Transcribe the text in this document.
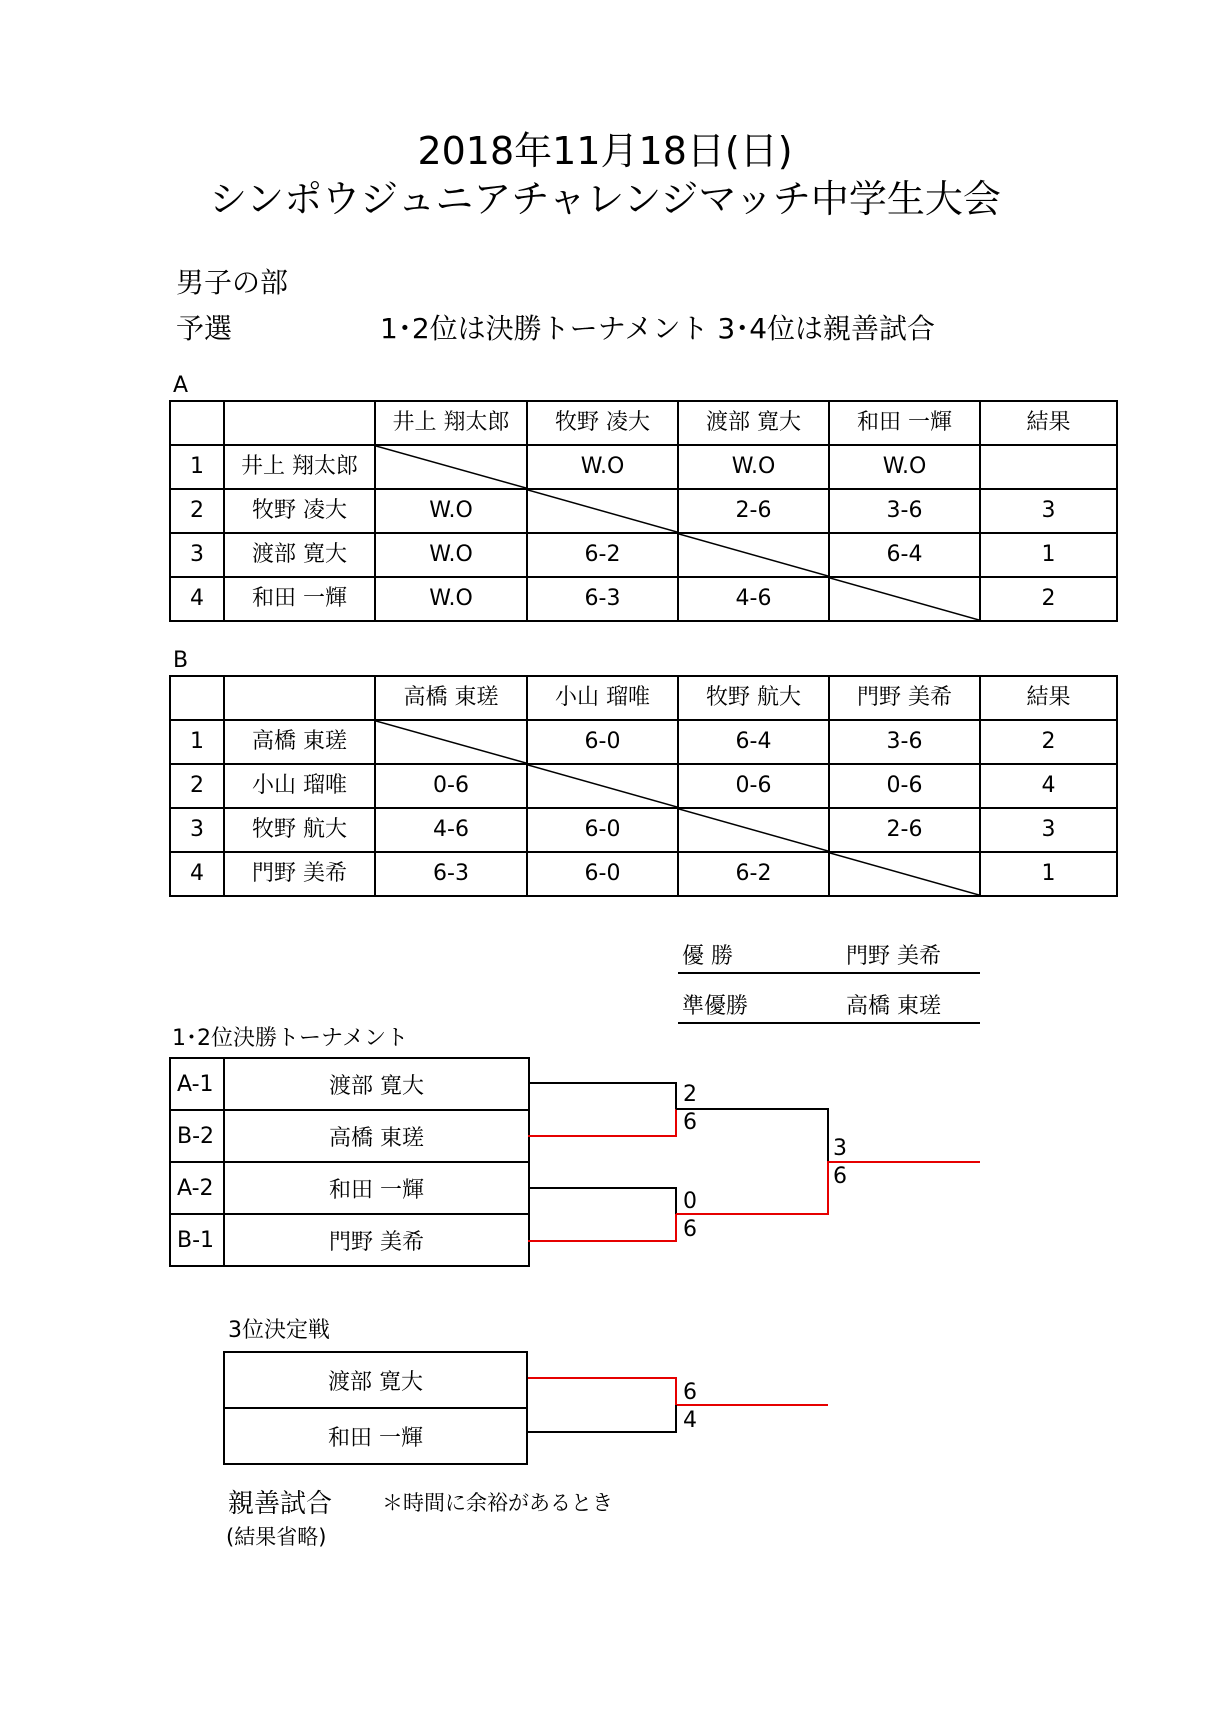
2018年11月18日(日)
シンポウジュニアチャレンジマッチ中学生大会
男子の部
予選	1･2位は決勝トーナメント 3･4位は親善試合
A
		井上 翔太郎	牧野 凌大	渡部 寛大	和田 一輝	結果
1	井上 翔太郎		W.O	W.O	W.O	
2	牧野 凌大	W.O		2-6	3-6	3
3	渡部 寛大	W.O	6-2		6-4	1
4	和田 一輝	W.O	6-3	4-6		2
B
		高橋 東瑳	小山 瑠唯	牧野 航大	門野 美希	結果
1	高橋 東瑳		6-0	6-4	3-6	2
2	小山 瑠唯	0-6		0-6	0-6	4
3	牧野 航大	4-6	6-0		2-6	3
4	門野 美希	6-3	6-0	6-2		1
優 勝	門野 美希
準優勝	高橋 東瑳
1･2位決勝トーナメント
A-1	渡部 寛大
B-2	高橋 東瑳
A-2	和田 一輝
B-1	門野 美希
3位決定戦
渡部 寛大
和田 一輝
2
6
0
6
3
6
6
4
親善試合 ＊時間に余裕があるとき
(結果省略)
